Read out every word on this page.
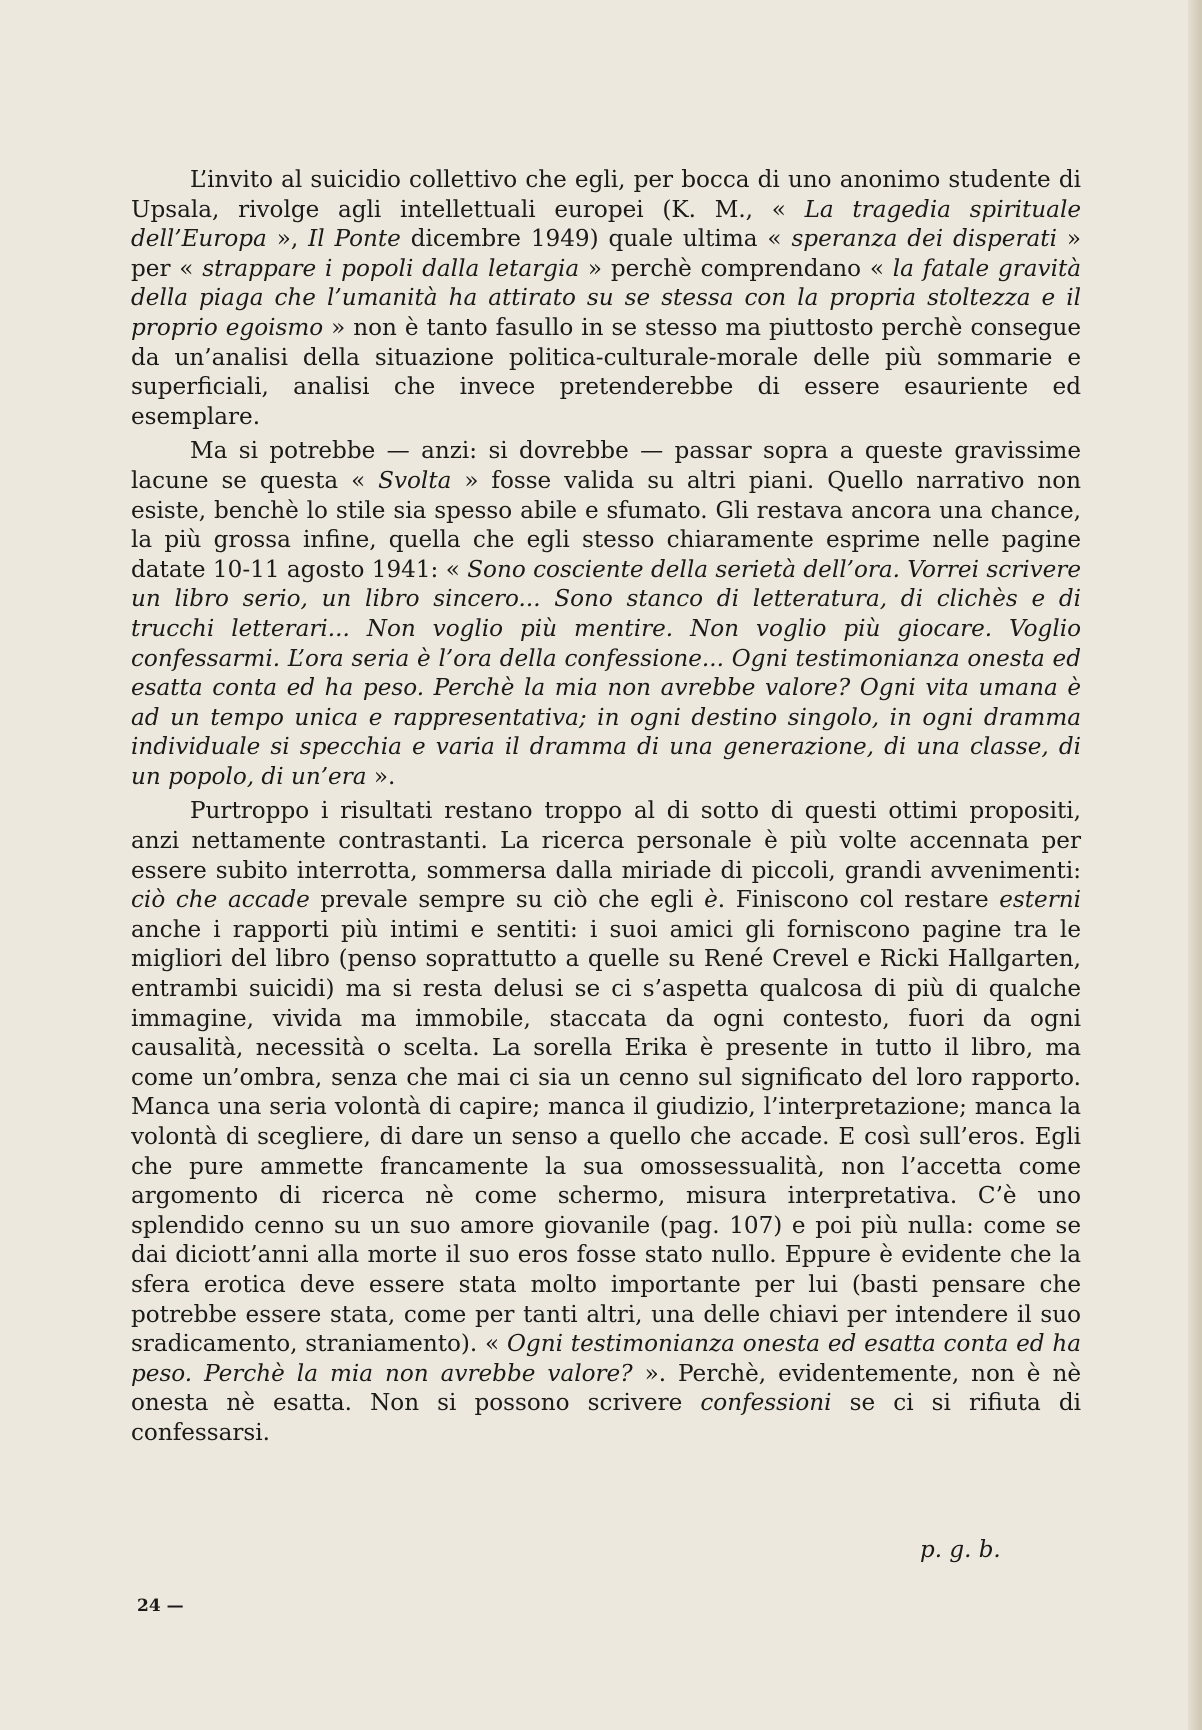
L’invito al suicidio collettivo che egli, per bocca di uno anonimo studente di Upsala, rivolge agli intellettuali europei (K. M., « La tragedia spirituale dell’Europa », Il Ponte dicembre 1949) quale ultima « speranza dei disperati » per « strappare i popoli dalla letargia » perchè comprendano « la fatale gravità della piaga che l’umanità ha attirato su se stessa con la propria stoltezza e il proprio egoismo » non è tanto fasullo in se stesso ma piuttosto perchè consegue da un’analisi della situazione politica-culturale-morale delle più sommarie e superficiali, analisi che invece pretenderebbe di essere esauriente ed esemplare.

Ma si potrebbe — anzi: si dovrebbe — passar sopra a queste gravissime lacune se questa « Svolta » fosse valida su altri piani. Quello narrativo non esiste, benchè lo stile sia spesso abile e sfumato. Gli restava ancora una chance, la più grossa infine, quella che egli stesso chiaramente esprime nelle pagine datate 10-11 agosto 1941: « Sono cosciente della serietà dell’ora. Vorrei scrivere un libro serio, un libro sincero... Sono stanco di letteratura, di clichès e di trucchi letterari... Non voglio più mentire. Non voglio più giocare. Voglio confessarmi. L’ora seria è l’ora della confessione... Ogni testimonianza onesta ed esatta conta ed ha peso. Perchè la mia non avrebbe valore? Ogni vita umana è ad un tempo unica e rappresentativa; in ogni destino singolo, in ogni dramma individuale si specchia e varia il dramma di una generazione, di una classe, di un popolo, di un’era ».

Purtroppo i risultati restano troppo al di sotto di questi ottimi propositi, anzi nettamente contrastanti. La ricerca personale è più volte accennata per essere subito interrotta, sommersa dalla miriade di piccoli, grandi avvenimenti: ciò che accade prevale sempre su ciò che egli è. Finiscono col restare esterni anche i rapporti più intimi e sentiti: i suoi amici gli forniscono pagine tra le migliori del libro (penso soprattutto a quelle su René Crevel e Ricki Hallgarten, entrambi suicidi) ma si resta delusi se ci s’aspetta qualcosa di più di qualche immagine, vivida ma immobile, staccata da ogni contesto, fuori da ogni causalità, necessità o scelta. La sorella Erika è presente in tutto il libro, ma come un’ombra, senza che mai ci sia un cenno sul significato del loro rapporto. Manca una seria volontà di capire; manca il giudizio, l’interpretazione; manca la volontà di scegliere, di dare un senso a quello che accade. E così sull’eros. Egli che pure ammette francamente la sua omossessualità, non l’accetta come argomento di ricerca nè come schermo, misura interpretativa. C’è uno splendido cenno su un suo amore giovanile (pag. 107) e poi più nulla: come se dai diciott’anni alla morte il suo eros fosse stato nullo. Eppure è evidente che la sfera erotica deve essere stata molto importante per lui (basti pensare che potrebbe essere stata, come per tanti altri, una delle chiavi per intendere il suo sradicamento, straniamento). « Ogni testimonianza onesta ed esatta conta ed ha peso. Perchè la mia non avrebbe valore? ». Perchè, evidentemente, non è nè onesta nè esatta. Non si possono scrivere confessioni se ci si rifiuta di confessarsi.

p. g. b.
24 —
